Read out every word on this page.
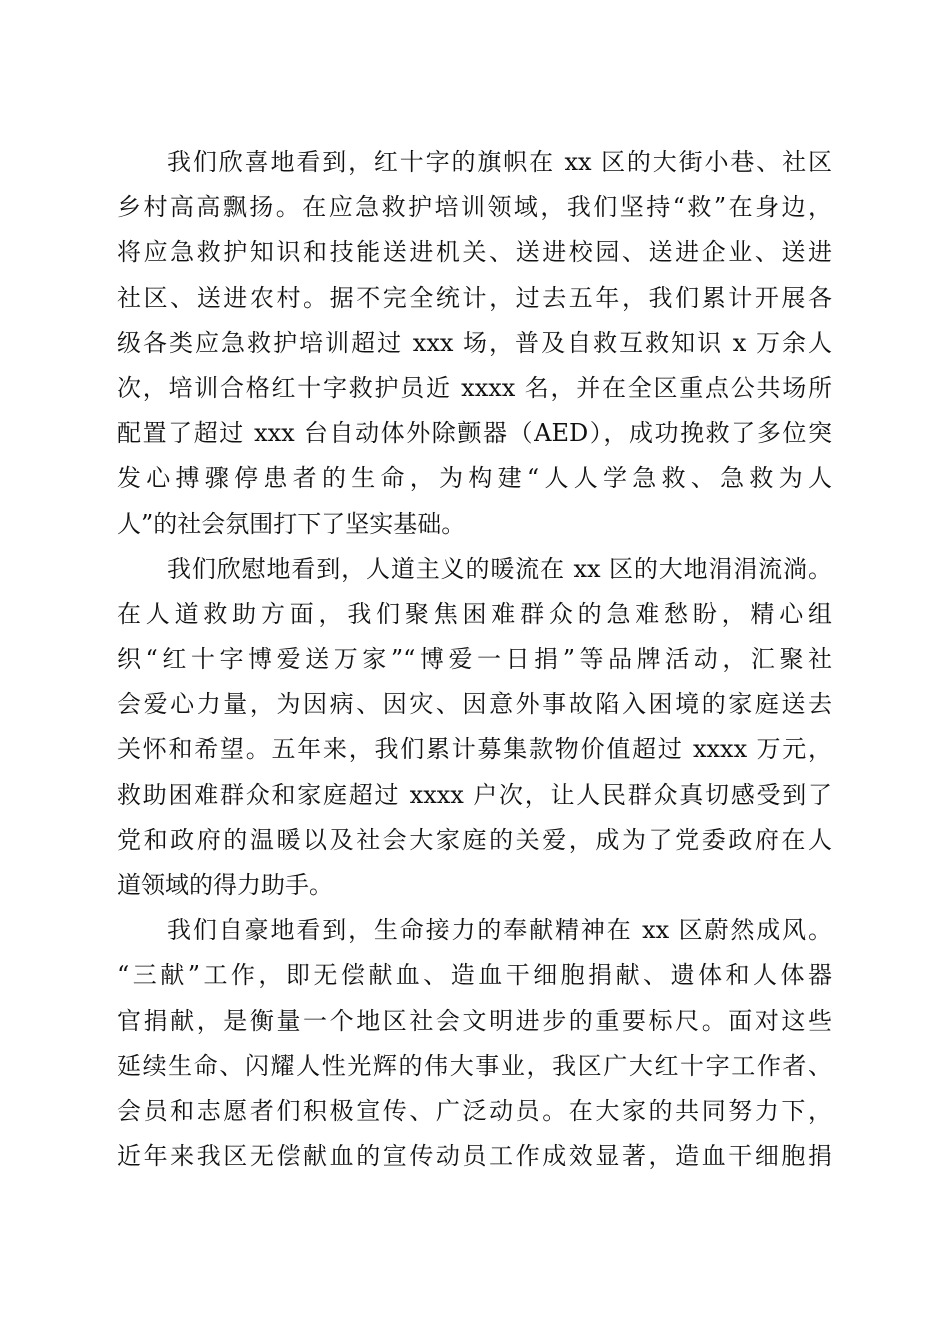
我们欣喜地看到，红十字的旗帜在 xx 区的大街小巷、社区
乡村高高飘扬。在应急救护培训领域，我们坚持“救”在身边，
将应急救护知识和技能送进机关、送进校园、送进企业、送进
社区、送进农村。据不完全统计，过去五年，我们累计开展各
级各类应急救护培训超过 xxx 场，普及自救互救知识 x 万余人
次，培训合格红十字救护员近 xxxx 名，并在全区重点公共场所
配置了超过 xxx 台自动体外除颤器（AED），成功挽救了多位突
发心搏骤停患者的生命，为构建“人人学急救、急救为人
人”的社会氛围打下了坚实基础。
我们欣慰地看到，人道主义的暖流在 xx 区的大地涓涓流淌。
在人道救助方面，我们聚焦困难群众的急难愁盼，精心组
织“红十字博爱送万家”“博爱一日捐”等品牌活动，汇聚社
会爱心力量，为因病、因灾、因意外事故陷入困境的家庭送去
关怀和希望。五年来，我们累计募集款物价值超过 xxxx 万元，
救助困难群众和家庭超过 xxxx 户次，让人民群众真切感受到了
党和政府的温暖以及社会大家庭的关爱，成为了党委政府在人
道领域的得力助手。
我们自豪地看到，生命接力的奉献精神在 xx 区蔚然成风。
“三献”工作，即无偿献血、造血干细胞捐献、遗体和人体器
官捐献，是衡量一个地区社会文明进步的重要标尺。面对这些
延续生命、闪耀人性光辉的伟大事业，我区广大红十字工作者、
会员和志愿者们积极宣传、广泛动员。在大家的共同努力下，
近年来我区无偿献血的宣传动员工作成效显著，造血干细胞捐
